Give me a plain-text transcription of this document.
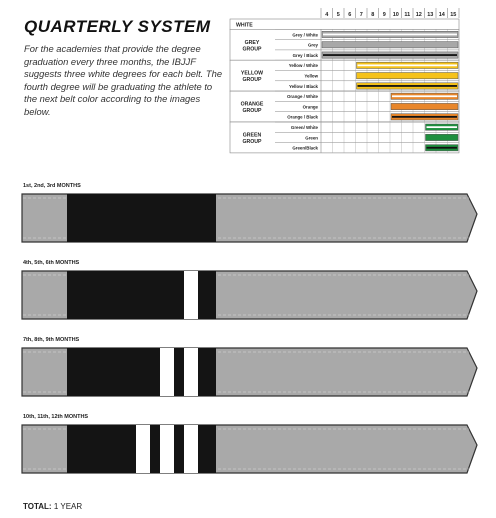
QUARTERLY SYSTEM

For the academies that provide the degree graduation every three months, the IBJJF suggests three white degrees for each belt. The fourth degree will be graduating the athlete to the next belt color according to the images below.

4 5 6 7 8 9 10 11 12 13 14 15
WHITE
GREY
GROUP
Grey / White
Grey
Grey / Black
YELLOW
GROUP
Yellow / White
Yellow
Yellow / Black
ORANGE
GROUP
Orange / White
Orange
Orange / Black
GREEN
GROUP
Green/ White
Green
Green/Black
1st, 2nd, 3rd MONTHS
4th, 5th, 6th MONTHS
7th, 8th, 9th MONTHS
10th, 11th, 12th MONTHS
TOTAL: 1 YEAR
